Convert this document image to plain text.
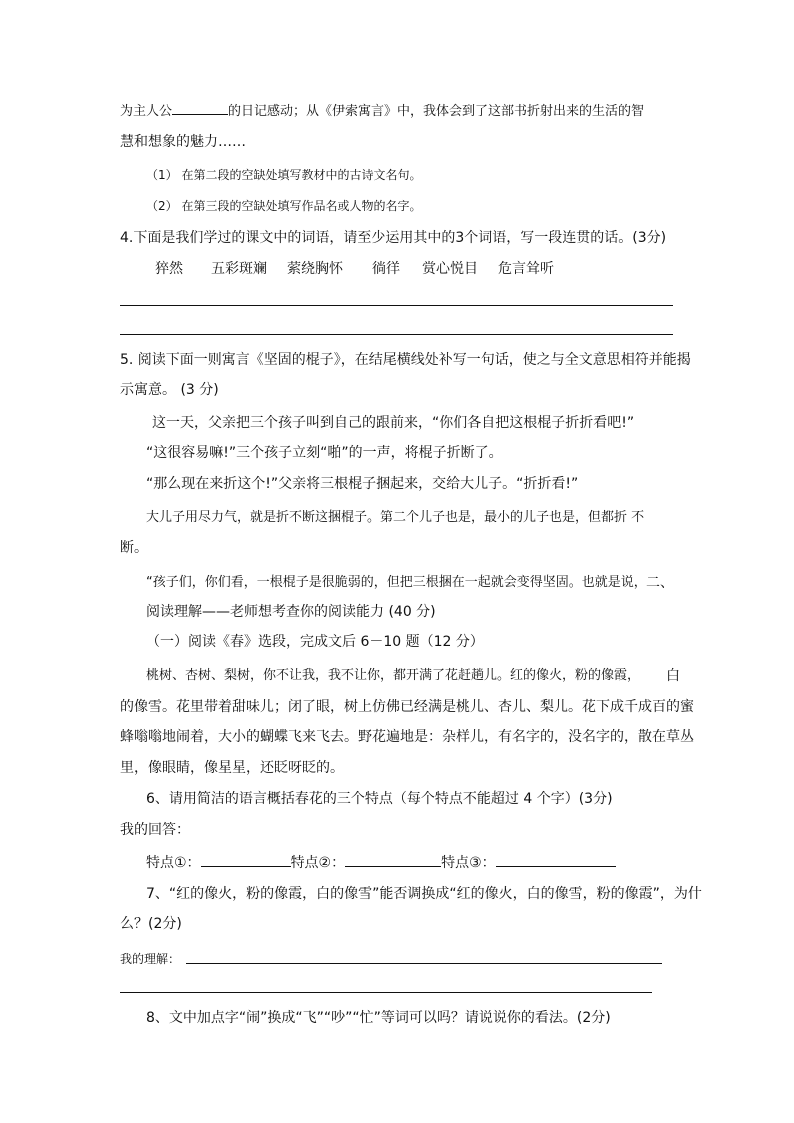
为主人公	的日记感动；从《伊索寓言》中，我体会到了这部书折射出来的生活的智
慧和想象的魅力……
（1） 在第二段的空缺处填写教材中的古诗文名句。
（2） 在第三段的空缺处填写作品名或人物的名字。
4.下面是我们学过的课文中的词语，请至少运用其中的3个词语，写一段连贯的话。(3分)
猝然 五彩斑斓 萦绕胸怀 徜徉 赏心悦目 危言耸听
5. 阅读下面一则寓言《坚固的棍子》，在结尾横线处补写一句话，使之与全文意思相符并能揭
示寓意。 (3 分)
这一天，父亲把三个孩子叫到自己的跟前来，“你们各自把这根棍子折折看吧!”
“这很容易嘛!”三个孩子立刻“啪”的一声，将棍子折断了。
“那么现在来折这个!”父亲将三根棍子捆起来，交给大儿子。“折折看!”
大儿子用尽力气，就是折不断这捆棍子。第二个儿子也是，最小的儿子也是，但都折 不
断。
“孩子们，你们看，一根棍子是很脆弱的，但把三根捆在一起就会变得坚固。也就是说， 二、
阅读理解——老师想考查你的阅读能力 (40 分)
（一）阅读《春》选段，完成文后 6－10 题（12 分）
桃树、杏树、梨树，你不让我，我不让你，都开满了花赶趟儿。红的像火，粉的像霞， 白
的像雪。花里带着甜味儿；闭了眼，树上仿佛已经满是桃儿、杏儿、梨儿。花下成千成百的蜜
蜂嗡嗡地闹着，大小的蝴蝶飞来飞去。野花遍地是：杂样儿，有名字的，没名字的，散在草丛
里，像眼睛，像星星，还眨呀眨的。
6、请用简洁的语言概括春花的三个特点（每个特点不能超过 4 个字）(3分)
我的回答：
特点①：	特点②：	特点③：
7、“红的像火，粉的像霞，白的像雪”能否调换成“红的像火，白的像雪，粉的像霞”，为什
么？(2分)
我的理解：
8、文中加点字“闹”换成“飞”“吵”“忙”等词可以吗？请说说你的看法。(2分)
